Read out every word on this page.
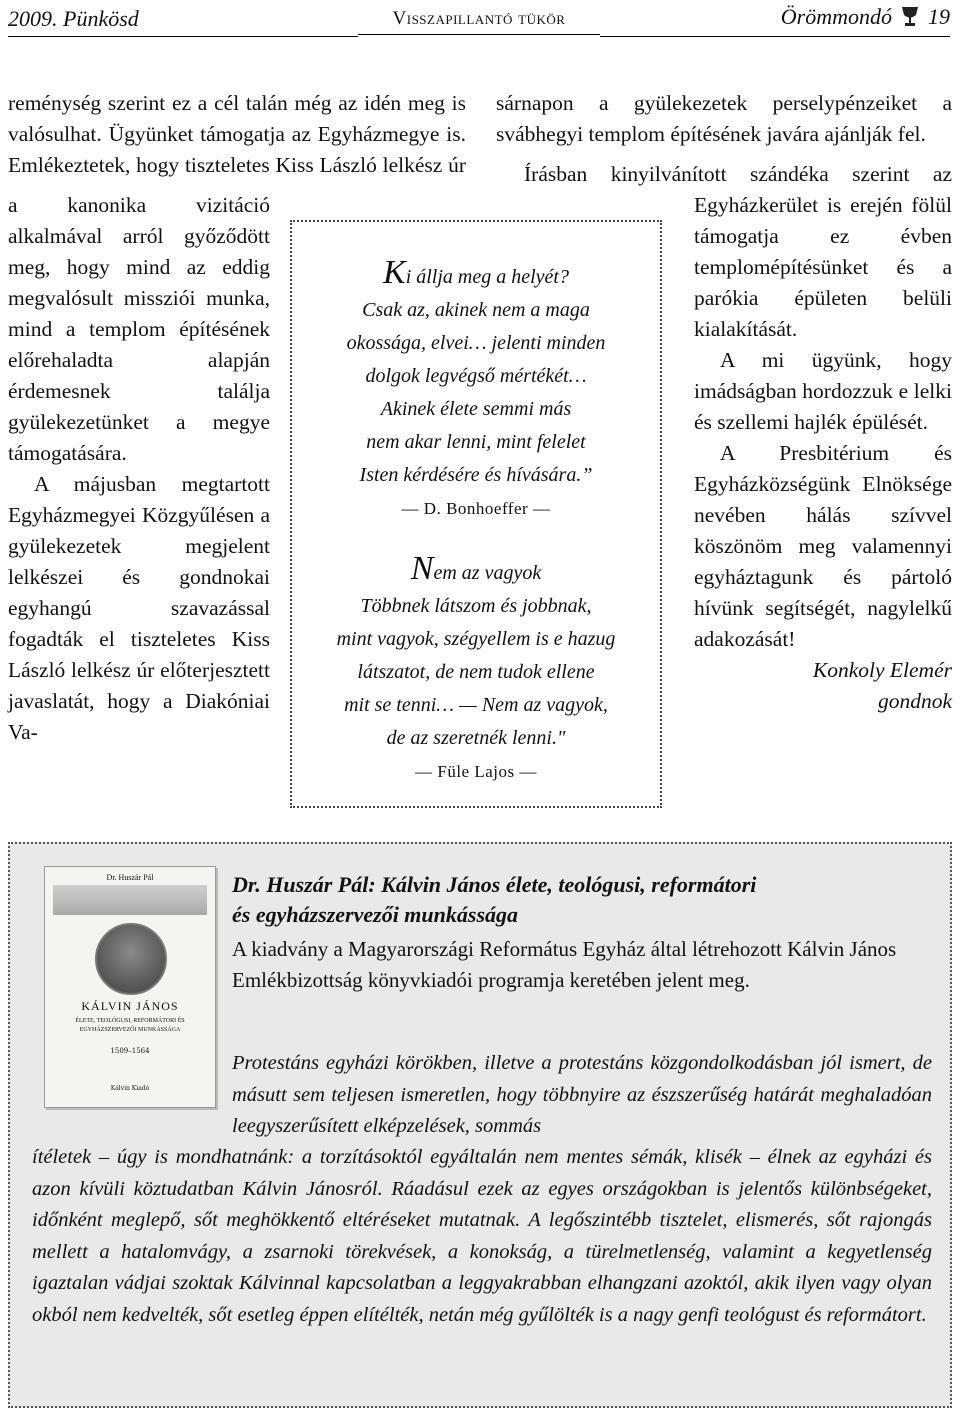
2009. Pünkösd	Visszapillantó tükör	Örömmondó 19

reménység szerint ez a cél talán még az idén meg is valósulhat. Ügyünket támogatja az Egyházmegye is. Emlékeztetek, hogy tiszteletes Kiss László lelkész úr

a kanonika vizitáció alkalmával arról győződött meg, hogy mind az eddig megvalósult missziói munka, mind a templom építésének előrehaladta alapján érdemesnek találja gyülekezetünket a megye támogatására.

A májusban megtartott Egyházmegyei Közgyűlésen a gyülekezetek megjelent lelkészei és gondnokai egyhangú szavazással fogadták el tiszteletes Kiss László lelkész úr előterjesztett javaslatát, hogy a Diakóniai Va-

sárnapon a gyülekezetek perselypénzeiket a svábhegyi templom építésének javára ajánlják fel.

Írásban kinyilvánított szándéka szerint az Egyházkerület is erején fölül támogatja ez évben templomépítésünket és a parókia épületen belüli kialakítását.

A mi ügyünk, hogy imádságban hordozzuk e lelki és szellemi hajlék épülését.

A Presbitérium és Egyházközségünk Elnöksége nevében hálás szívvel köszönöm meg valamennyi egyháztagunk és pártoló hívünk segítségét, nagylelkű adakozását!

Konkoly Elemér

gondnok

Ki állja meg a helyét?
Csak az, akinek nem a maga
okossága, elvei… jelenti minden
dolgok legvégső mértékét…
Akinek élete semmi más
nem akar lenni, mint felelet
Isten kérdésére és hívására.”
— D. Bonhoeffer —
Nem az vagyok
Többnek látszom és jobbnak,
mint vagyok, szégyellem is e hazug
látszatot, de nem tudok ellene
mit se tenni… — Nem az vagyok,
de az szeretnék lenni."
— Füle Lajos —
Dr. Huszár Pál
KÁLVIN JÁNOS
ÉLETE, TEOLÓGUSI, REFORMÁTORI ÉS EGYHÁZSZERVEZŐI MUNKÁSSÁGA
1509–1564
Kálvin Kiadó
Dr. Huszár Pál: Kálvin János élete, teológusi, reformátori
és egyházszervezői munkássága
A kiadvány a Magyarországi Református Egyház által létrehozott Kálvin János Emlékbizottság könyvkiadói programja keretében jelent meg.
Protestáns egyházi körökben, illetve a protestáns közgondolkodásban jól ismert, de másutt sem teljesen ismeretlen, hogy többnyire az észszerűség határát meghaladóan leegyszerűsített elképzelések, sommás
ítéletek – úgy is mondhatnánk: a torzításoktól egyáltalán nem mentes sémák, klisék – élnek az egyházi és azon kívüli köztudatban Kálvin Jánosról. Ráadásul ezek az egyes országokban is jelentős különbségeket, időnként meglepő, sőt meghökkentő eltéréseket mutatnak. A legőszintébb tisztelet, elismerés, sőt rajongás mellett a hatalomvágy, a zsarnoki törekvések, a konokság, a türelmetlenség, valamint a kegyetlenség igaztalan vádjai szoktak Kálvinnal kapcsolatban a leggyakrabban elhangzani azoktól, akik ilyen vagy olyan okból nem kedvelték, sőt esetleg éppen elítélték, netán még gyűlölték is a nagy genfi teológust és reformátort.
